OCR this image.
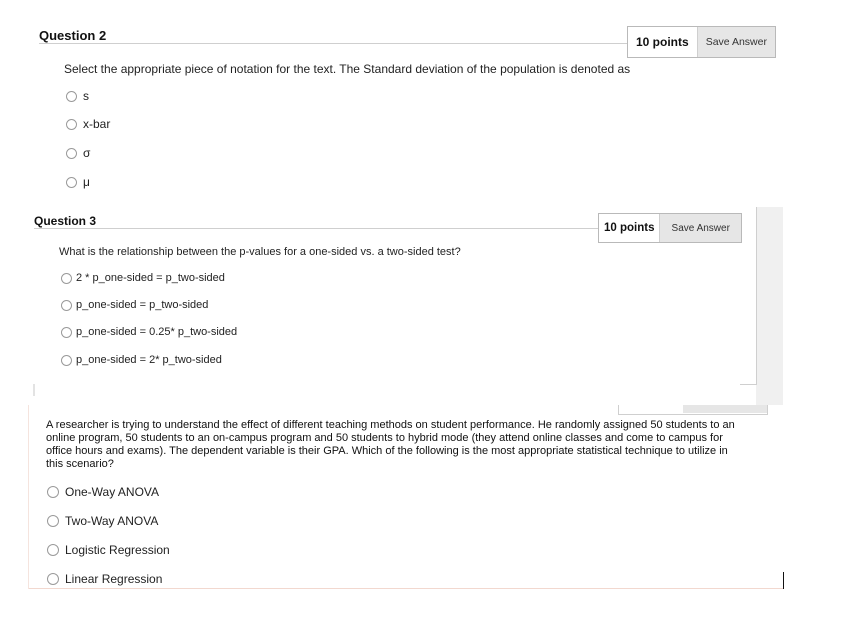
Question 2	10 points	Save Answer
Select the appropriate piece of notation for the text. The Standard deviation of the population is denoted as
s
x-bar
σ
μ
Question 3	10 points	Save Answer
What is the relationship between the p-values for a one-sided vs. a two-sided test?
2 * p_one-sided = p_two-sided
p_one-sided = p_two-sided
p_one-sided = 0.25* p_two-sided
p_one-sided = 2* p_two-sided
A researcher is trying to understand the effect of different teaching methods on student performance. He randomly assigned 50 students to an online program, 50 students to an on-campus program and 50 students to hybrid mode (they attend online classes and come to campus for office hours and exams). The dependent variable is their GPA. Which of the following is the most appropriate statistical technique to utilize in this scenario?
One-Way ANOVA
Two-Way ANOVA
Logistic Regression
Linear Regression
